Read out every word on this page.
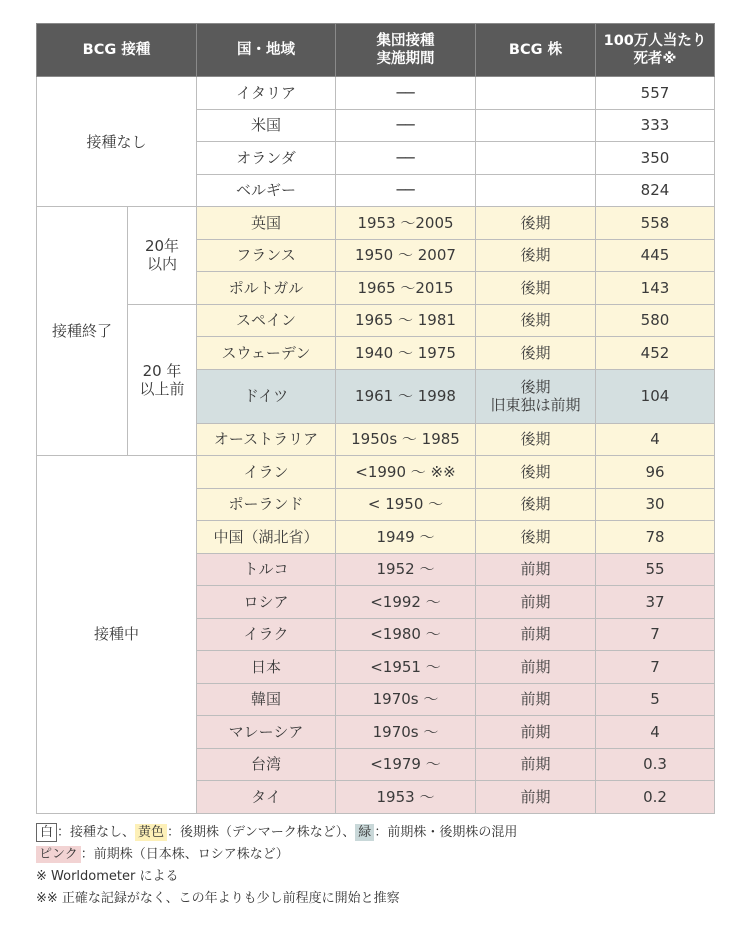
BCG 接種		国・地域	集団接種
実施期間	BCG 株	100万人当たり
死者※
接種なし		イタリア	──		557
		米国	──		333
		オランダ	──		350
		ベルギー	──		824
接種終了	20年
以内	英国	1953 〜2005	後期	558
		フランス	1950 〜 2007	後期	445
		ポルトガル	1965 〜2015	後期	143
	20 年
以上前	スペイン	1965 〜 1981	後期	580
		スウェーデン	1940 〜 1975	後期	452
		ドイツ	1961 〜 1998	後期
旧東独は前期	104
		オーストラリア	1950s 〜 1985	後期	4
接種中		イラン	<1990 〜 ※※	後期	96
		ポーランド	< 1950 〜	後期	30
		中国（湖北省）	1949 〜	後期	78
		トルコ	1952 〜	前期	55
		ロシア	<1992 〜	前期	37
		イラク	<1980 〜	前期	7
		日本	<1951 〜	前期	7
		韓国	1970s 〜	前期	5
		マレーシア	1970s 〜	前期	4
		台湾	<1979 〜	前期	0.3
		タイ	1953 〜	前期	0.2
白 ：接種なし、 黄色 ：後期株（デンマーク株など）、 緑 ：前期株・後期株の混用
ピンク ：前期株（日本株、ロシア株など）
※ Worldometer による
※※ 正確な記録がなく、この年よりも少し前程度に開始と推察
